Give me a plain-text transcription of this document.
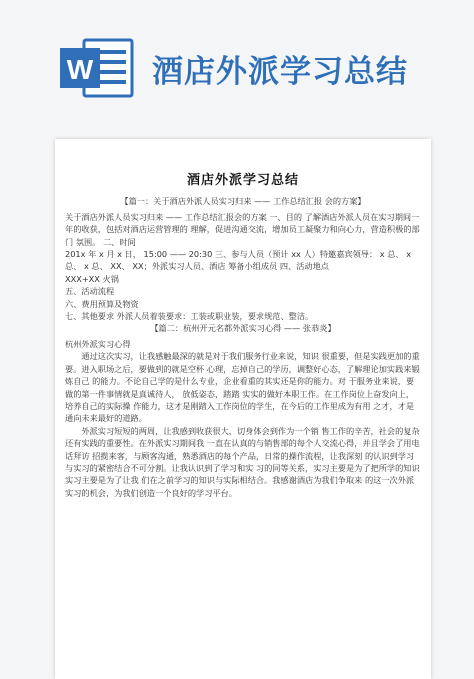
W 酒店外派学习总结
酒店外派学习总结

【篇一：关于酒店外派人员实习归来 —— 工作总结汇报 会的方案】

关于酒店外派人员实习归来 —— 工作总结汇报会的方案 一、目的 了解酒店外派人员在实习期间一年的收获，包括对酒店运营管理的 理解，促进沟通交流，增加员工凝聚力和向心力，营造积极的部门 氛围。 二、时间

201x 年 x 月 x 日， 15:00 —— 20:30 三、参与人员（预计 xx 人）特邀嘉宾领导： x 总、 x 总、 x 总、 XX、 XX；外派实习人员、酒店 筹备小组成员 四、活动地点

XXX+XX 火锅

五、活动流程

六、费用预算及物资

七、其他要求 外派人员着装要求：工装或职业装，要求规范、整洁。

【篇二：杭州开元名都外派实习心得 —— 张恭炎】

杭州外派实习心得

通过这次实习，让我感触最深的就是对于我们服务行业来说，知识 很重要，但是实践更加的重要。进入职场之后，要做到的就是空杯 心理，忘掉自己的学历，调整好心态，了解理论加实践来锻炼自己 的能力。不论自己学的是什么专业，企业看重的其实还是你的能力。对 于服务业来说，要做的第一件事情就是真诚待人， 放低姿态，踏踏 实实的做好本职工作。在工作岗位上奋发向上，培养自己的实际操 作能力，这才是刚踏入工作岗位的学生，在今后的工作里成为有用 之才，才是通向未来最好的道路。

外派实习短短的两周，让我感到收获很大，切身体会到作为一个销 售工作的辛苦，社会的复杂还有实践的重要性。在外派实习期间我 一直在认真的与销售部的每个人交流心得，并且学会了用电话拜访 招揽来客，与顾客沟通，熟悉酒店的每个产品，日常的操作流程，让我深刻 的认识到学习与实习的紧密结合不可分割。让我认识到了学习和实 习的同等关系，实习主要是为了把所学的知识实习主要是为了让我 们在之前学习的知识与实际相结合。我感谢酒店为我们争取来 的这一次外派实习的机会，为我们创造一个良好的学习平台。
